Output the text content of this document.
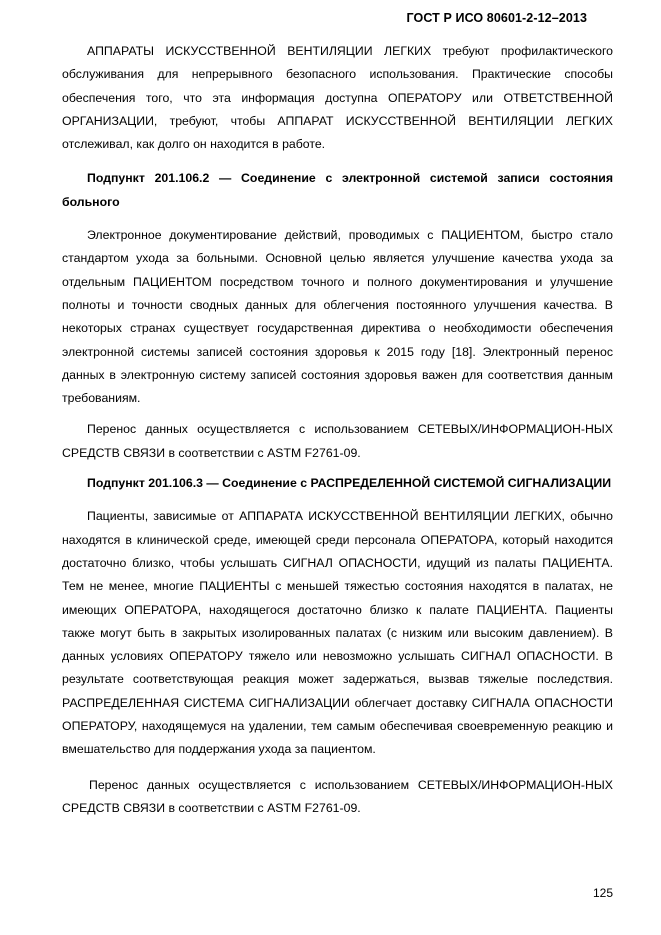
ГОСТ Р ИСО 80601-2-12–2013

АППАРАТЫ ИСКУССТВЕННОЙ ВЕНТИЛЯЦИИ ЛЕГКИХ требуют профилактического обслуживания для непрерывного безопасного использования. Практические способы обеспечения того, что эта информация доступна ОПЕРАТОРУ или ОТВЕТСТВЕННОЙ ОРГАНИЗАЦИИ, требуют, чтобы АППАРАТ ИСКУССТВЕННОЙ ВЕНТИЛЯЦИИ ЛЕГКИХ отслеживал, как долго он находится в работе.

Подпункт 201.106.2 — Соединение с электронной системой записи состояния больного

Электронное документирование действий, проводимых с ПАЦИЕНТОМ, быстро стало стандартом ухода за больными. Основной целью является улучшение качества ухода за отдельным ПАЦИЕНТОМ посредством точного и полного документирования и улучшение полноты и точности сводных данных для облегчения постоянного улучшения качества. В некоторых странах существует государственная директива о необходимости обеспечения электронной системы записей состояния здоровья к 2015 году [18]. Электронный перенос данных в электронную систему записей состояния здоровья важен для соответствия данным требованиям.

Перенос данных осуществляется с использованием СЕТЕВЫХ/ИНФОРМАЦИОН-НЫХ СРЕДСТВ СВЯЗИ в соответствии с ASTM F2761-09.

Подпункт 201.106.3 — Соединение с РАСПРЕДЕЛЕННОЙ СИСТЕМОЙ СИГНАЛИЗАЦИИ

Пациенты, зависимые от АППАРАТА ИСКУССТВЕННОЙ ВЕНТИЛЯЦИИ ЛЕГКИХ, обычно находятся в клинической среде, имеющей среди персонала ОПЕРАТОРА, который находится достаточно близко, чтобы услышать СИГНАЛ ОПАСНОСТИ, идущий из палаты ПАЦИЕНТА. Тем не менее, многие ПАЦИЕНТЫ с меньшей тяжестью состояния находятся в палатах, не имеющих ОПЕРАТОРА, находящегося достаточно близко к палате ПАЦИЕНТА. Пациенты также могут быть в закрытых изолированных палатах (с низким или высоким давлением). В данных условиях ОПЕРАТОРУ тяжело или невозможно услышать СИГНАЛ ОПАСНОСТИ. В результате соответствующая реакция может задержаться, вызвав тяжелые последствия. РАСПРЕДЕЛЕННАЯ СИСТЕМА СИГНАЛИЗАЦИИ облегчает доставку СИГНАЛА ОПАСНОСТИ ОПЕРАТОРУ, находящемуся на удалении, тем самым обеспечивая своевременную реакцию и вмешательство для поддержания ухода за пациентом.

Перенос данных осуществляется с использованием СЕТЕВЫХ/ИНФОРМАЦИОН-НЫХ СРЕДСТВ СВЯЗИ в соответствии с ASTM F2761-09.

125
